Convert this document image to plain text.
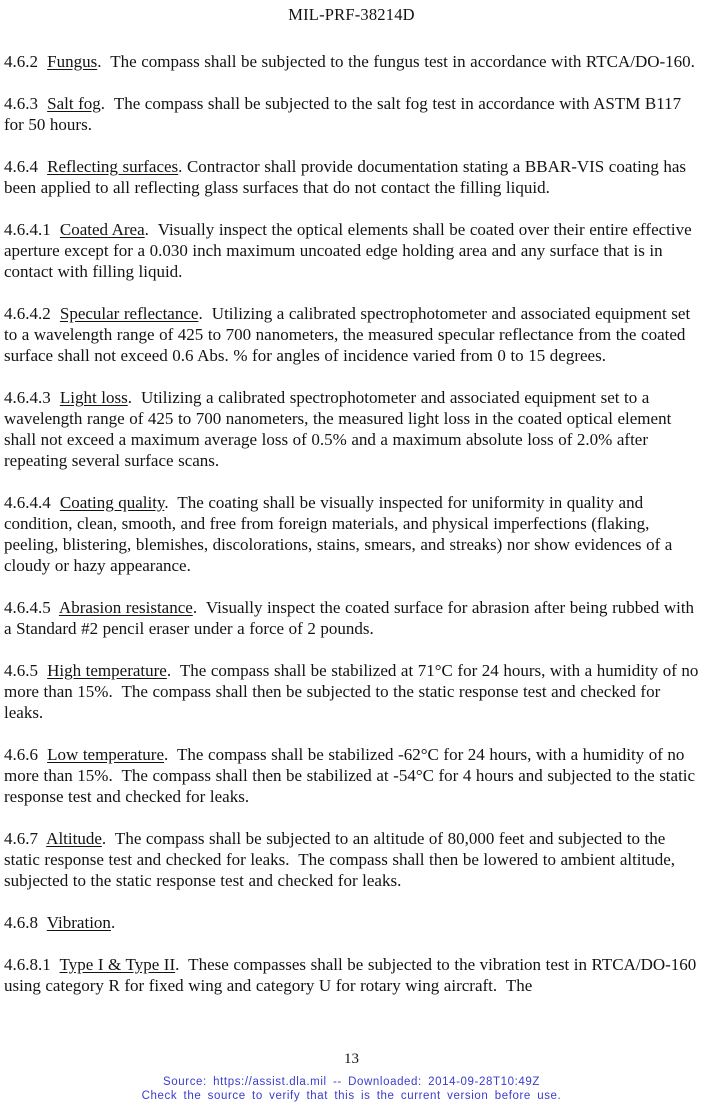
MIL-PRF-38214D

4.6.2  Fungus.  The compass shall be subjected to the fungus test in accordance with RTCA/DO-160.

4.6.3  Salt fog.  The compass shall be subjected to the salt fog test in accordance with ASTM B117 for 50 hours.

4.6.4  Reflecting surfaces. Contractor shall provide documentation stating a BBAR-VIS coating has been applied to all reflecting glass surfaces that do not contact the filling liquid.

4.6.4.1  Coated Area.  Visually inspect the optical elements shall be coated over their entire effective aperture except for a 0.030 inch maximum uncoated edge holding area and any surface that is in contact with filling liquid.

4.6.4.2  Specular reflectance.  Utilizing a calibrated spectrophotometer and associated equipment set to a wavelength range of 425 to 700 nanometers, the measured specular reflectance from the coated surface shall not exceed 0.6 Abs. % for angles of incidence varied from 0 to 15 degrees.

4.6.4.3  Light loss.  Utilizing a calibrated spectrophotometer and associated equipment set to a wavelength range of 425 to 700 nanometers, the measured light loss in the coated optical element shall not exceed a maximum average loss of 0.5% and a maximum absolute loss of 2.0% after repeating several surface scans.

4.6.4.4  Coating quality.  The coating shall be visually inspected for uniformity in quality and condition, clean, smooth, and free from foreign materials, and physical imperfections (flaking, peeling, blistering, blemishes, discolorations, stains, smears, and streaks) nor show evidences of a cloudy or hazy appearance.

4.6.4.5  Abrasion resistance.  Visually inspect the coated surface for abrasion after being rubbed with a Standard #2 pencil eraser under a force of 2 pounds.

4.6.5  High temperature.  The compass shall be stabilized at 71°C for 24 hours, with a humidity of no more than 15%.  The compass shall then be subjected to the static response test and checked for leaks.

4.6.6  Low temperature.  The compass shall be stabilized -62°C for 24 hours, with a humidity of no more than 15%.  The compass shall then be stabilized at -54°C for 4 hours and subjected to the static response test and checked for leaks.

4.6.7  Altitude.  The compass shall be subjected to an altitude of 80,000 feet and subjected to the static response test and checked for leaks.  The compass shall then be lowered to ambient altitude, subjected to the static response test and checked for leaks.

4.6.8  Vibration.

4.6.8.1  Type I & Type II.  These compasses shall be subjected to the vibration test in RTCA/DO-160 using category R for fixed wing and category U for rotary wing aircraft.  The

13
Source: https://assist.dla.mil -- Downloaded: 2014-09-28T10:49Z
Check the source to verify that this is the current version before use.
